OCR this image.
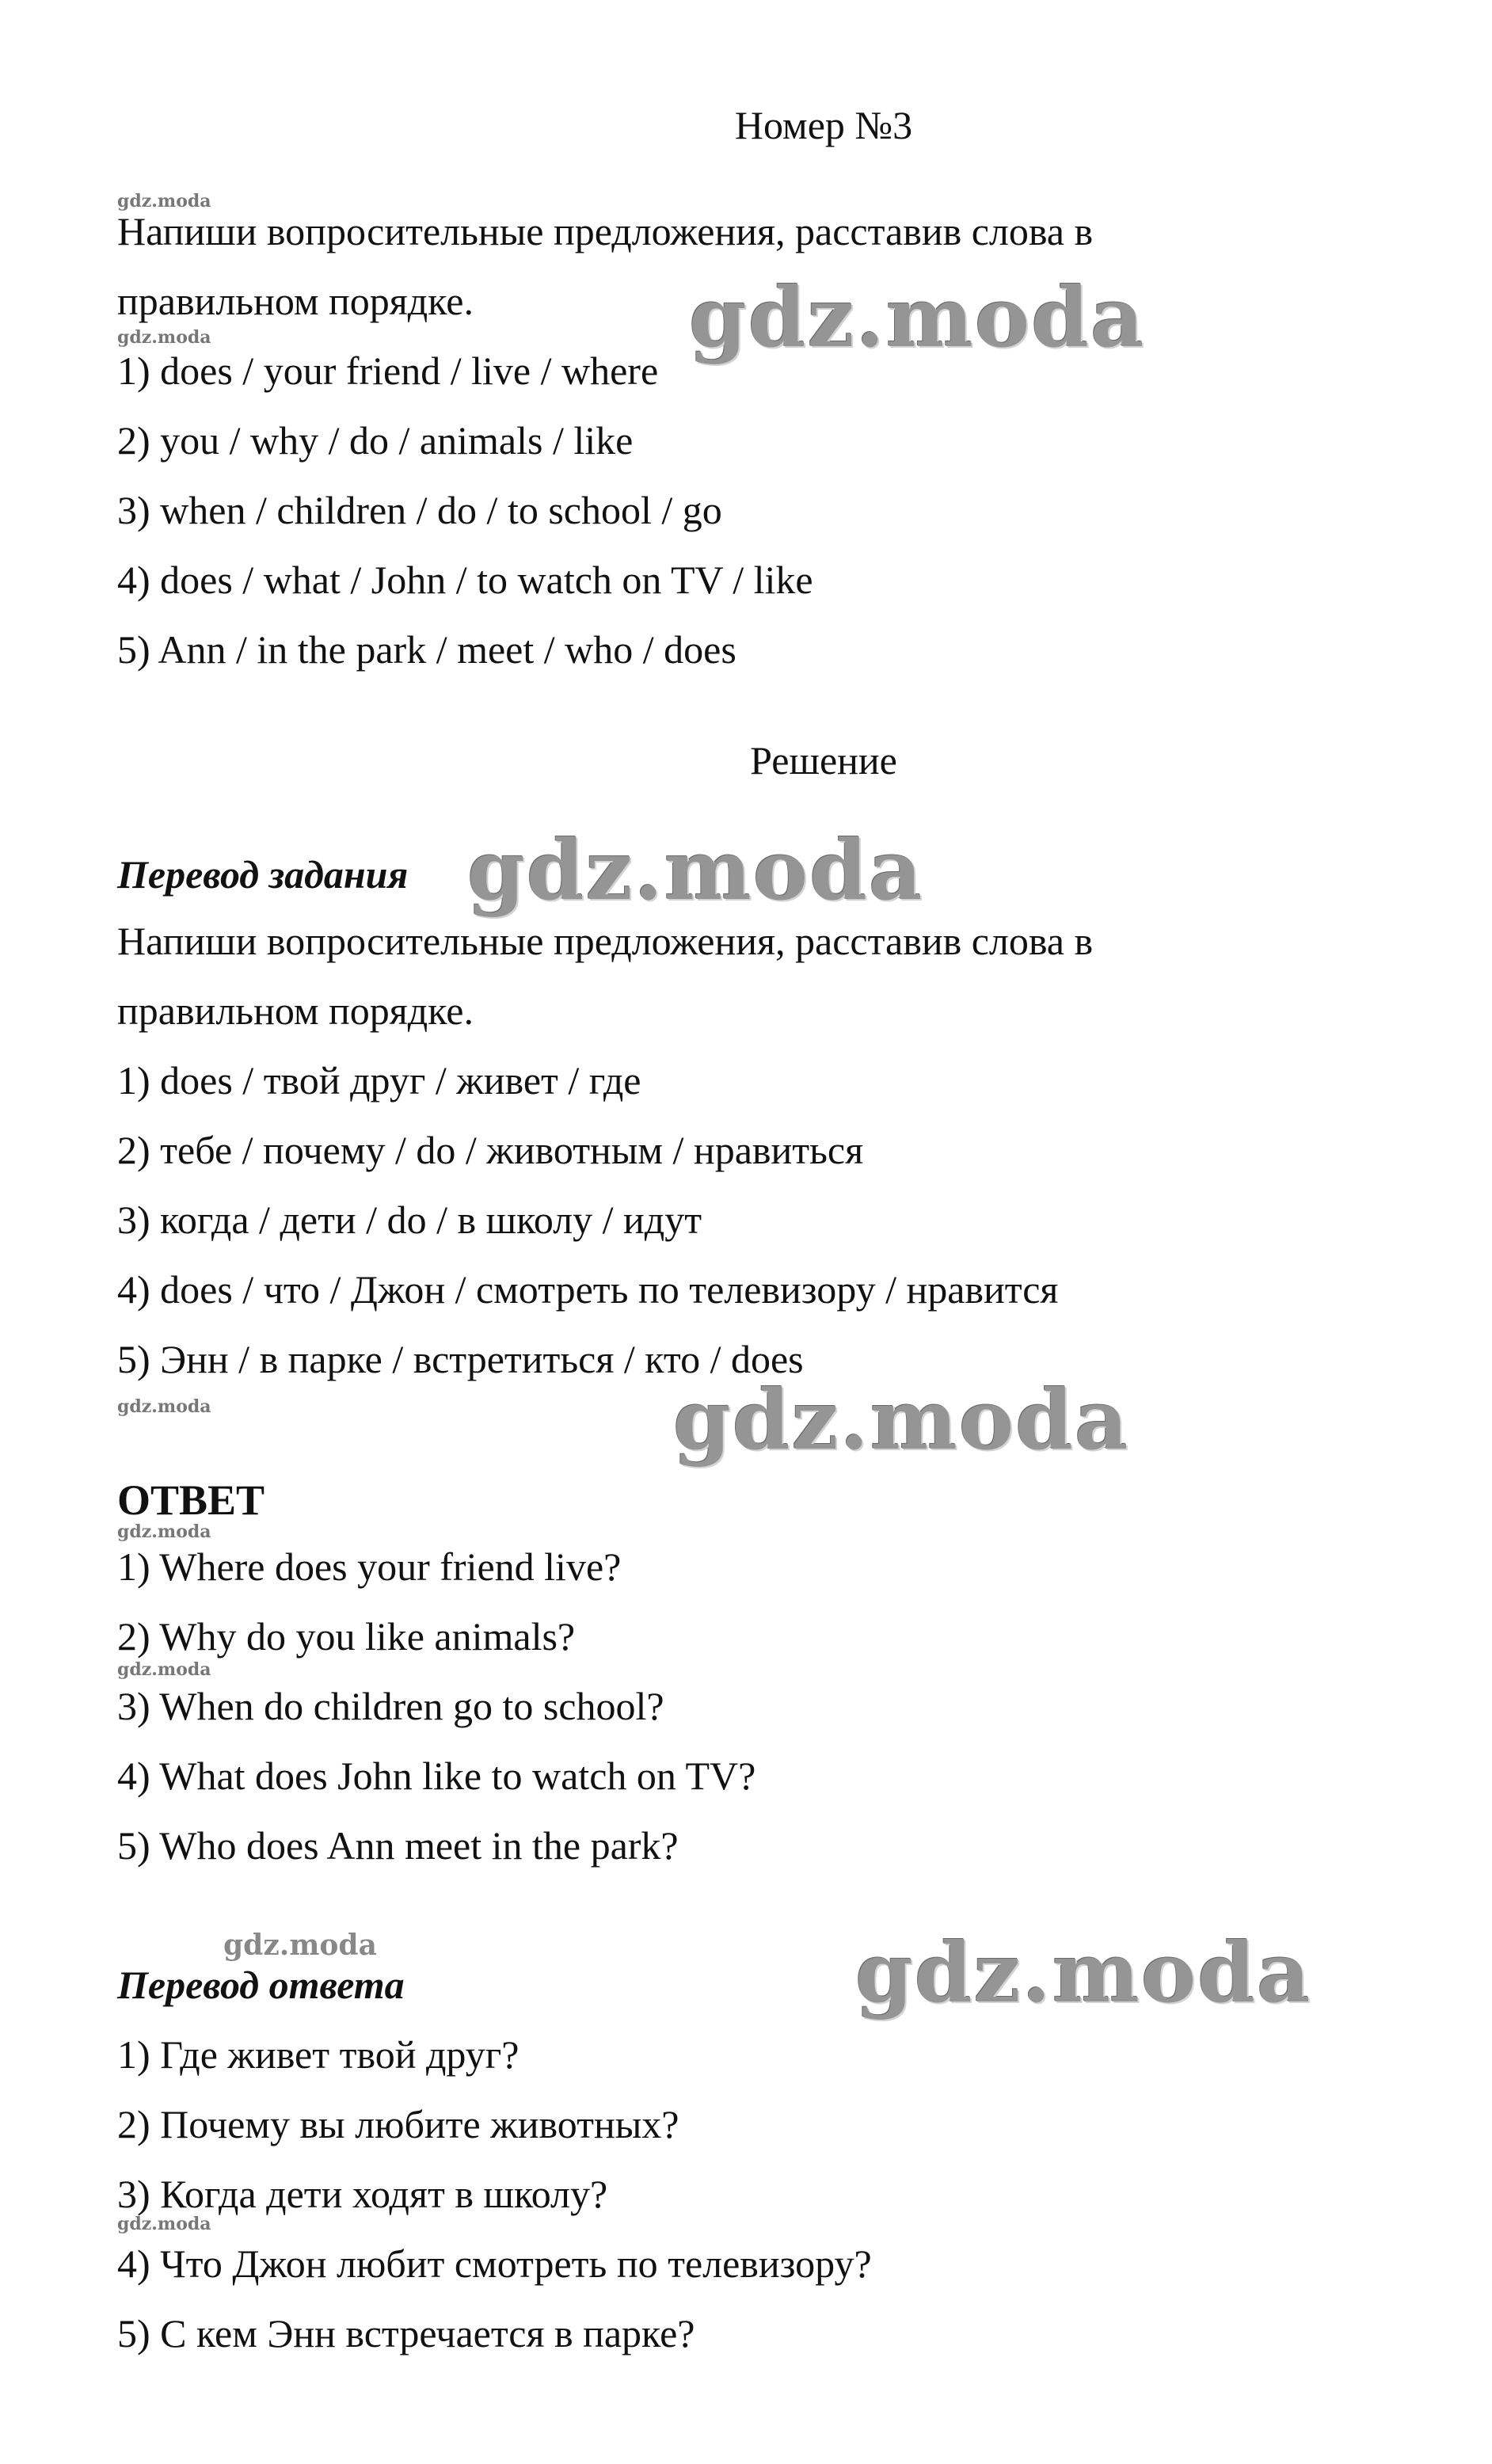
Номер №3
gdz.moda
Напиши вопросительные предложения, расставив слова в
правильном порядке.	gdz.moda
gdz.moda
1) does / your friend / live / where
2) you / why / do / animals / like
3) when / children / do / to school / go
4) does / what / John / to watch on TV / like
5) Ann / in the park / meet / who / does
Решение
Перевод задания gdz.moda
Напиши вопросительные предложения, расставив слова в
правильном порядке.
1) does / твой друг / живет / где
2) тебе / почему / do / животным / нравиться
3) когда / дети / do / в школу / идут
4) does / что / Джон / смотреть по телевизору / нравится
5) Энн / в парке / встретиться / кто / does
gdz.moda	gdz.moda
ОТВЕТ
gdz.moda
1) Where does your friend live?
2) Why do you like animals?
gdz.moda
3) When do children go to school?
4) What does John like to watch on TV?
5) Who does Ann meet in the park?
gdz.moda
Перевод ответа	gdz.moda
1) Где живет твой друг?
2) Почему вы любите животных?
3) Когда дети ходят в школу?
gdz.moda
4) Что Джон любит смотреть по телевизору?
5) С кем Энн встречается в парке?
